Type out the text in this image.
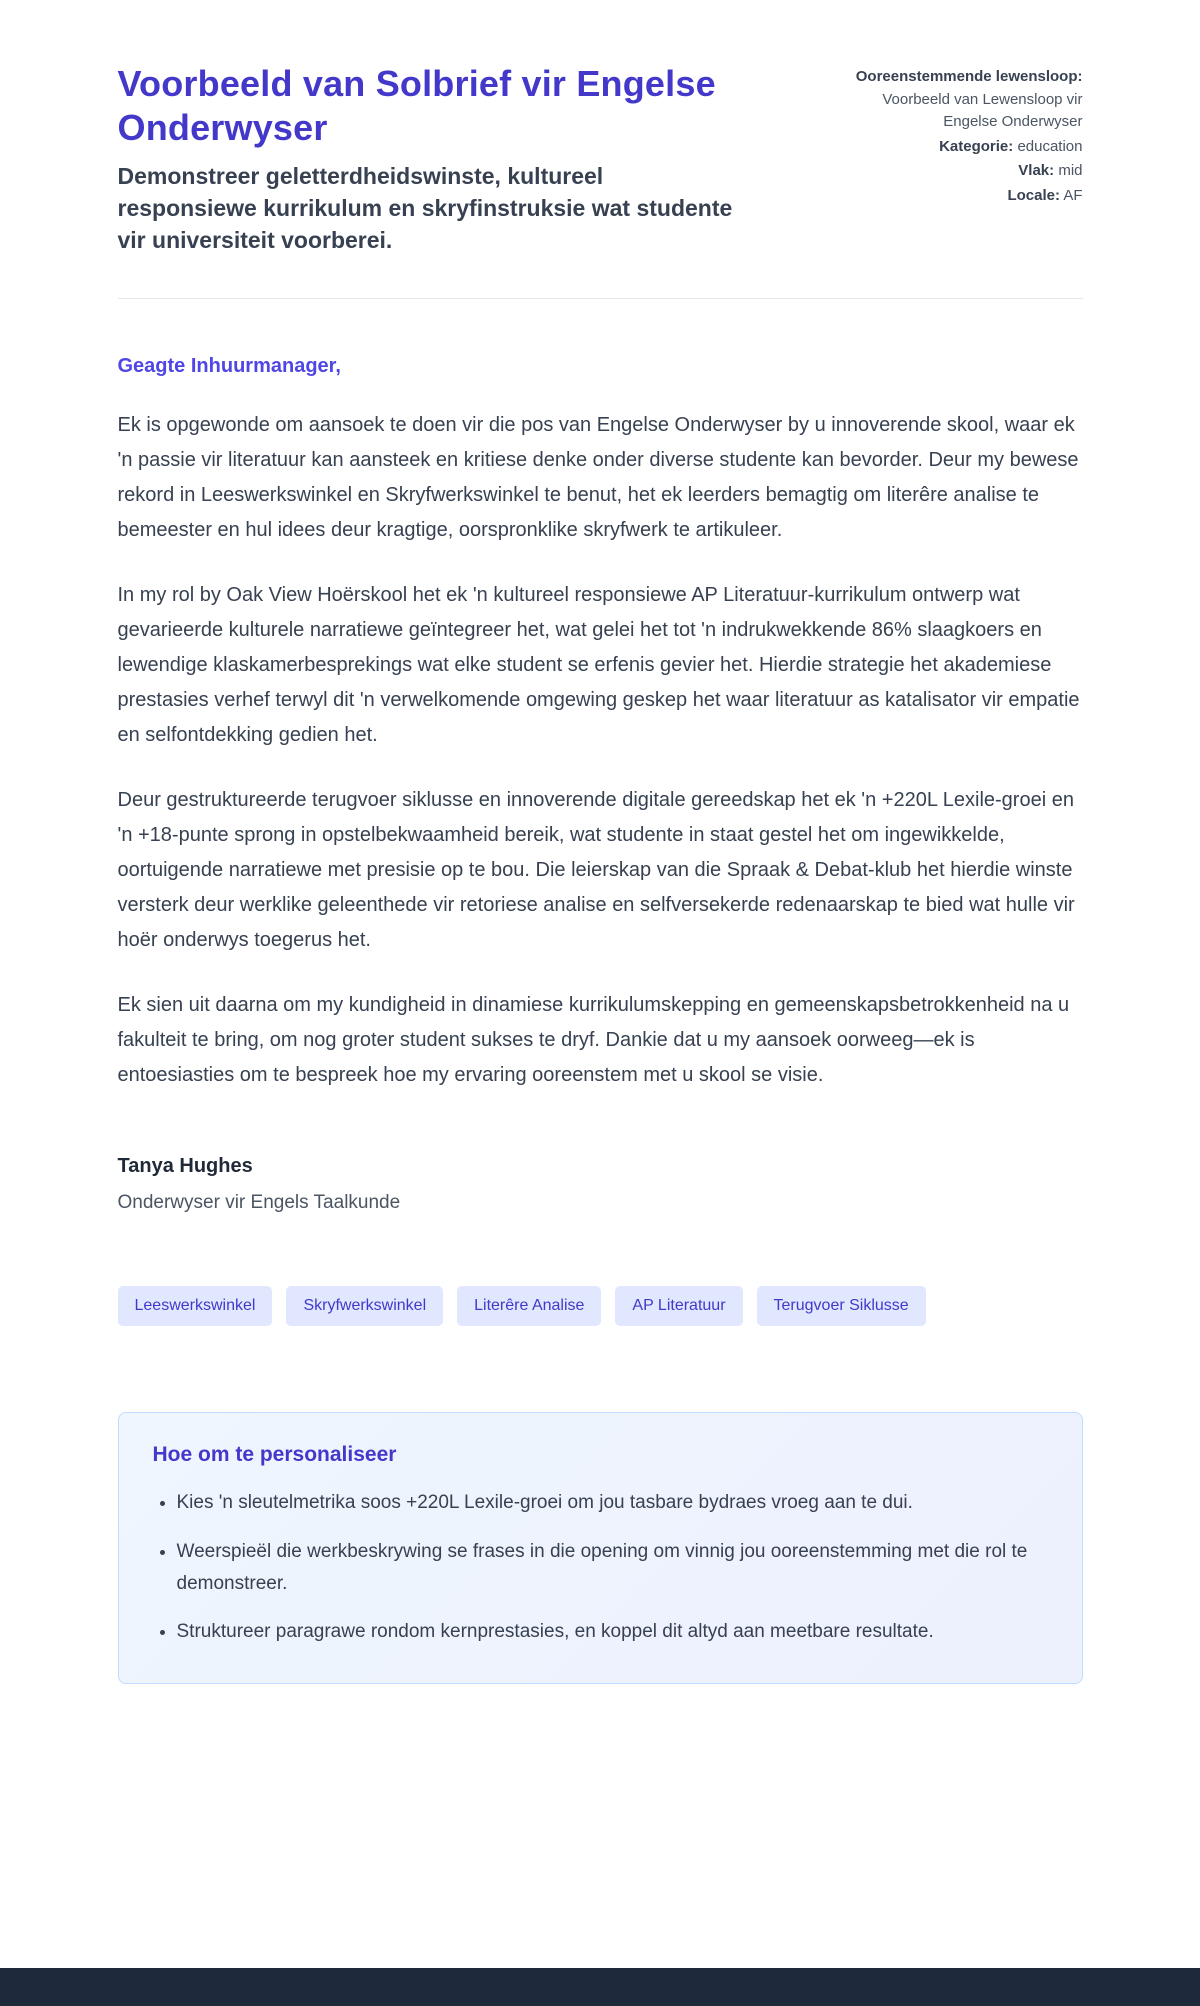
Voorbeeld van Solbrief vir Engelse Onderwyser
Demonstreer geletterdheidswinste, kultureel responsiewe kurrikulum en skryfinstruksie wat studente vir universiteit voorberei.
Ooreenstemmende lewensloop: Voorbeeld van Lewensloop vir Engelse Onderwyser
Kategorie: education
Vlak: mid
Locale: AF

Geagte Inhuurmanager,

Ek is opgewonde om aansoek te doen vir die pos van Engelse Onderwyser by u innoverende skool, waar ek 'n passie vir literatuur kan aansteek en kritiese denke onder diverse studente kan bevorder. Deur my bewese rekord in Leeswerkswinkel en Skryfwerkswinkel te benut, het ek leerders bemagtig om literêre analise te bemeester en hul idees deur kragtige, oorspronklike skryfwerk te artikuleer.

In my rol by Oak View Hoërskool het ek 'n kultureel responsiewe AP Literatuur-kurrikulum ontwerp wat gevarieerde kulturele narratiewe geïntegreer het, wat gelei het tot 'n indrukwekkende 86% slaagkoers en lewendige klaskamerbesprekings wat elke student se erfenis gevier het. Hierdie strategie het akademiese prestasies verhef terwyl dit 'n verwelkomende omgewing geskep het waar literatuur as katalisator vir empatie en selfontdekking gedien het.

Deur gestruktureerde terugvoer siklusse en innoverende digitale gereedskap het ek 'n +220L Lexile-groei en 'n +18-punte sprong in opstelbekwaamheid bereik, wat studente in staat gestel het om ingewikkelde, oortuigende narratiewe met presisie op te bou. Die leierskap van die Spraak & Debat-klub het hierdie winste versterk deur werklike geleenthede vir retoriese analise en selfversekerde redenaarskap te bied wat hulle vir hoër onderwys toegerus het.

Ek sien uit daarna om my kundigheid in dinamiese kurrikulumskepping en gemeenskapsbetrokkenheid na u fakulteit te bring, om nog groter student sukses te dryf. Dankie dat u my aansoek oorweeg—ek is entoesiasties om te bespreek hoe my ervaring ooreenstem met u skool se visie.

Tanya Hughes
Onderwyser vir Engels Taalkunde
Leeswerkswinkel	Skryfwerkswinkel	Literêre Analise	AP Literatuur	Terugvoer Siklusse
Hoe om te personaliseer
• Kies 'n sleutelmetrika soos +220L Lexile-groei om jou tasbare bydraes vroeg aan te dui.
• Weerspieël die werkbeskrywing se frases in die opening om vinnig jou ooreenstemming met die rol te demonstreer.
• Struktureer paragrawe rondom kernprestasies, en koppel dit altyd aan meetbare resultate.
